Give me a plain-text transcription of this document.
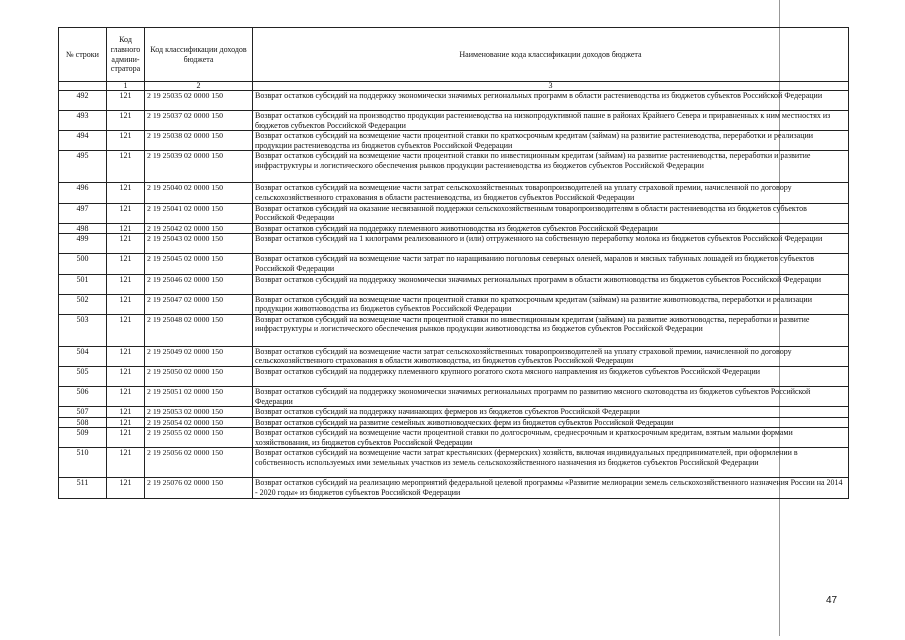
№ строки	Код главного админи-стратора	Код классификации доходов бюджета	Наименование кода классификации доходов бюджета
	1	2	3
492	121	2 19 25035 02 0000 150	Возврат остатков субсидий на поддержку экономически значимых региональных программ в области растениеводства из бюджетов субъектов Российской Федерации
493	121	2 19 25037 02 0000 150	Возврат остатков субсидий на производство продукции растениеводства на низкопродуктивной пашне в районах Крайнего Севера и приравненных к ним местностях из бюджетов субъектов Российской Федерации
494	121	2 19 25038 02 0000 150	Возврат остатков субсидий на возмещение части процентной ставки по краткосрочным кредитам (займам) на развитие растениеводства, переработки и реализации продукции растениеводства из бюджетов субъектов Российской Федерации
495	121	2 19 25039 02 0000 150	Возврат остатков субсидий на возмещение части процентной ставки по инвестиционным кредитам (займам) на развитие растениеводства, переработки и развитие инфраструктуры и логистического обеспечения рынков продукции растениеводства из бюджетов субъектов Российской Федерации
496	121	2 19 25040 02 0000 150	Возврат остатков субсидий на возмещение части затрат сельскохозяйственных товаропроизводителей на уплату страховой премии, начисленной по договору сельскохозяйственного страхования в области растениеводства, из бюджетов субъектов Российской Федерации
497	121	2 19 25041 02 0000 150	Возврат остатков субсидий на оказание несвязанной поддержки сельскохозяйственным товаропроизводителям в области растениеводства из бюджетов субъектов Российской Федерации
498	121	2 19 25042 02 0000 150	Возврат остатков субсидий на поддержку племенного животноводства из бюджетов субъектов Российской Федерации
499	121	2 19 25043 02 0000 150	Возврат остатков субсидий на 1 килограмм реализованного и (или) отгруженного на собственную переработку молока из бюджетов субъектов Российской Федерации
500	121	2 19 25045 02 0000 150	Возврат остатков субсидий на возмещение части затрат по наращиванию поголовья северных оленей, маралов и мясных табунных лошадей из бюджетов субъектов Российской Федерации
501	121	2 19 25046 02 0000 150	Возврат остатков субсидий на поддержку экономически значимых региональных программ в области животноводства из бюджетов субъектов Российской Федерации
502	121	2 19 25047 02 0000 150	Возврат остатков субсидий на возмещение части процентной ставки по краткосрочным кредитам (займам) на развитие животноводства, переработки и реализации продукции животноводства из бюджетов субъектов Российской Федерации
503	121	2 19 25048 02 0000 150	Возврат остатков субсидий на возмещение части процентной ставки по инвестиционным кредитам (займам) на развитие животноводства, переработки и развитие инфраструктуры и логистического обеспечения рынков продукции животноводства из бюджетов субъектов Российской Федерации
504	121	2 19 25049 02 0000 150	Возврат остатков субсидий на возмещение части затрат сельскохозяйственных товаропроизводителей на уплату страховой премии, начисленной по договору сельскохозяйственного страхования в области животноводства, из бюджетов субъектов Российской Федерации
505	121	2 19 25050 02 0000 150	Возврат остатков субсидий на поддержку племенного крупного рогатого скота мясного направления из бюджетов субъектов Российской Федерации
506	121	2 19 25051 02 0000 150	Возврат остатков субсидий на поддержку экономически значимых региональных программ по развитию мясного скотоводства из бюджетов субъектов Российской Федерации
507	121	2 19 25053 02 0000 150	Возврат остатков субсидий на поддержку начинающих фермеров из бюджетов субъектов Российской Федерации
508	121	2 19 25054 02 0000 150	Возврат остатков субсидий на развитие семейных животноводческих ферм из бюджетов субъектов Российской Федерации
509	121	2 19 25055 02 0000 150	Возврат остатков субсидий на возмещение части процентной ставки по долгосрочным, среднесрочным и краткосрочным кредитам, взятым малыми формами хозяйствования, из бюджетов субъектов Российской Федерации
510	121	2 19 25056 02 0000 150	Возврат остатков субсидий на возмещение части затрат крестьянских (фермерских) хозяйств, включая индивидуальных предпринимателей, при оформлении в собственность используемых ими земельных участков из земель сельскохозяйственного назначения из бюджетов субъектов Российской Федерации
511	121	2 19 25076 02 0000 150	Возврат остатков субсидий на реализацию мероприятий федеральной целевой программы «Развитие мелиорации земель сельскохозяйственного назначения России на 2014 - 2020 годы» из бюджетов субъектов Российской Федерации
47
